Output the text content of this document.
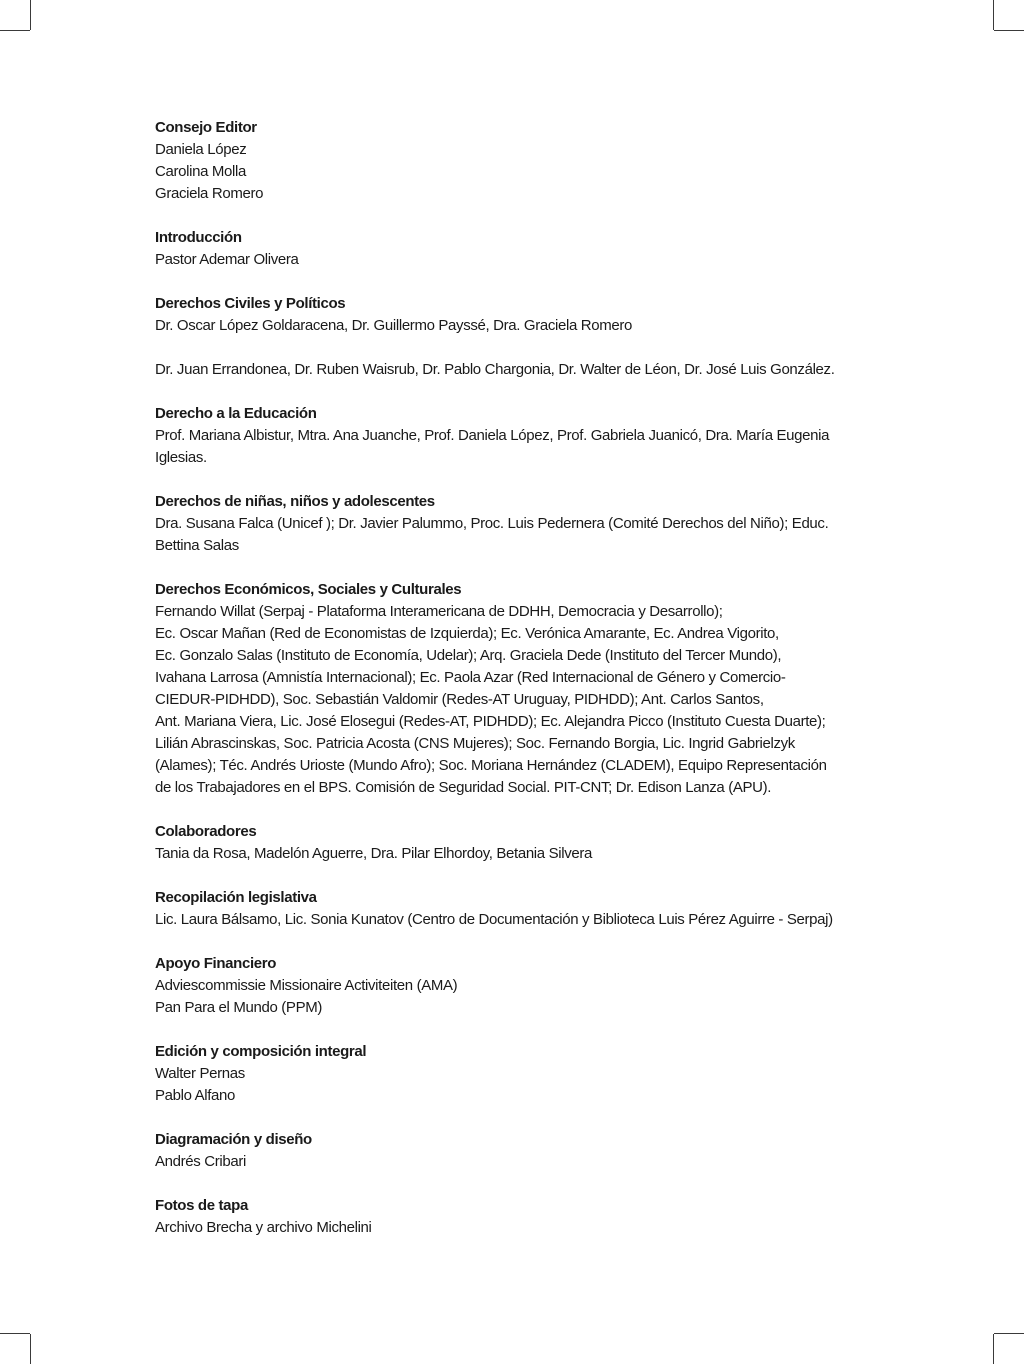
Consejo Editor
Daniela López
Carolina Molla
Graciela Romero
Introducción
Pastor Ademar Olivera
Derechos Civiles y Políticos
Dr. Oscar López Goldaracena, Dr. Guillermo Payssé, Dra. Graciela Romero
Dr. Juan Errandonea, Dr. Ruben Waisrub, Dr. Pablo Chargonia, Dr. Walter de Léon, Dr. José Luis González.
Derecho a la Educación
Prof. Mariana Albistur, Mtra. Ana Juanche, Prof. Daniela López, Prof. Gabriela Juanicó, Dra. María Eugenia
Iglesias.
Derechos de niñas, niños y adolescentes
Dra. Susana Falca (Unicef ); Dr. Javier Palummo, Proc. Luis Pedernera (Comité Derechos del Niño); Educ.
Bettina Salas
Derechos Económicos, Sociales y Culturales
Fernando Willat (Serpaj - Plataforma Interamericana de DDHH, Democracia y Desarrollo);
Ec. Oscar Mañan (Red de Economistas de Izquierda); Ec. Verónica Amarante, Ec. Andrea Vigorito,
Ec. Gonzalo Salas (Instituto de Economía, Udelar); Arq. Graciela Dede (Instituto del Tercer Mundo),
Ivahana Larrosa (Amnistía Internacional); Ec. Paola Azar (Red Internacional de Género y Comercio-
CIEDUR-PIDHDD), Soc. Sebastián Valdomir (Redes-AT Uruguay, PIDHDD); Ant. Carlos Santos,
Ant. Mariana Viera, Lic. José Elosegui (Redes-AT, PIDHDD); Ec. Alejandra Picco (Instituto Cuesta Duarte);
Lilián Abrascinskas, Soc. Patricia Acosta (CNS Mujeres); Soc. Fernando Borgia, Lic. Ingrid Gabrielzyk
(Alames); Téc. Andrés Urioste (Mundo Afro); Soc. Moriana Hernández (CLADEM), Equipo Representación
de los Trabajadores en el BPS. Comisión de Seguridad Social. PIT-CNT; Dr. Edison Lanza (APU).
Colaboradores
Tania da Rosa, Madelón Aguerre, Dra. Pilar Elhordoy, Betania Silvera
Recopilación legislativa
Lic. Laura Bálsamo, Lic. Sonia Kunatov (Centro de Documentación y Biblioteca Luis Pérez Aguirre - Serpaj)
Apoyo Financiero
Adviescommissie Missionaire Activiteiten (AMA)
Pan Para el Mundo (PPM)
Edición y composición integral
Walter Pernas
Pablo Alfano
Diagramación y diseño
Andrés Cribari
Fotos de tapa
Archivo Brecha y archivo Michelini
